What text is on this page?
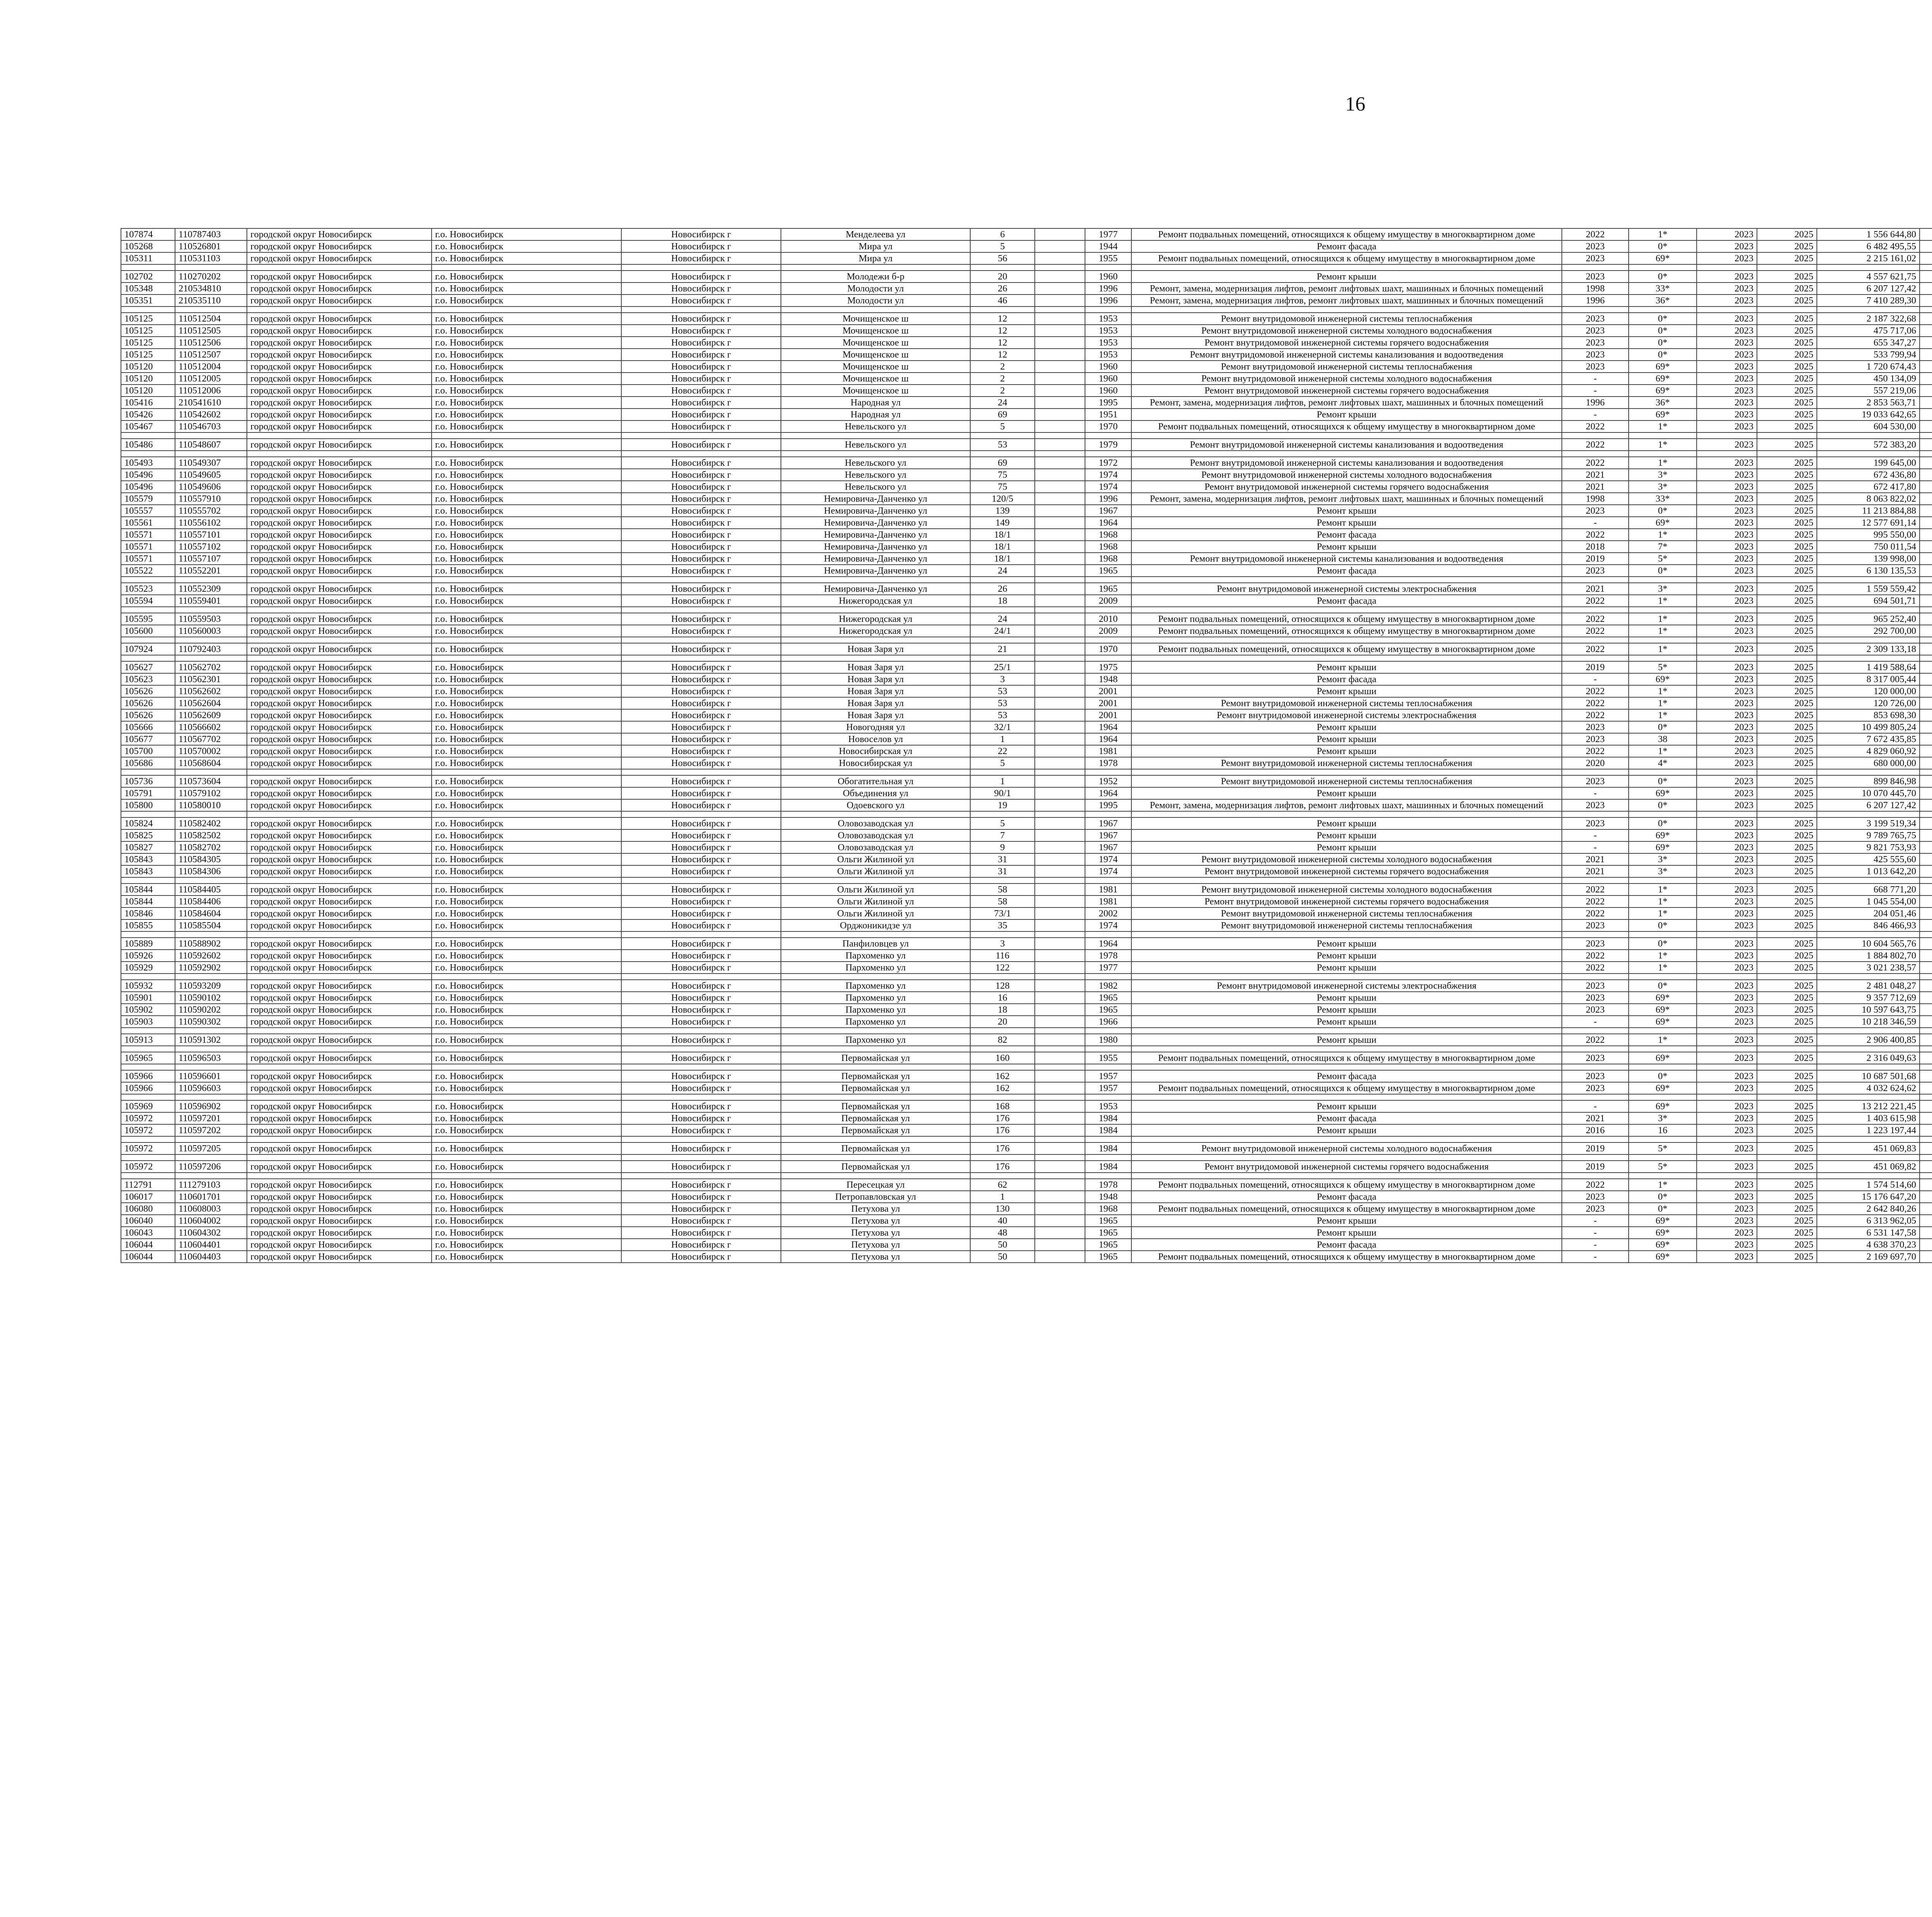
16
107874	110787403	городской округ Новосибирск	г.о. Новосибирск	Новосибирск г	Менделеева ул	6		1977	Ремонт подвальных помещений, относящихся к общему имуществу в многоквартирном доме	2022	1*	2023	2025	1 556 644,80							
105268	110526801	городской округ Новосибирск	г.о. Новосибирск	Новосибирск г	Мира ул	5		1944	Ремонт фасада	2023	0*	2023	2025	6 482 495,55							
105311	110531103	городской округ Новосибирск	г.о. Новосибирск	Новосибирск г	Мира ул	56		1955	Ремонт подвальных помещений, относящихся к общему имуществу в многоквартирном доме	2023	69*	2023	2025	2 215 161,02							

102702	110270202	городской округ Новосибирск	г.о. Новосибирск	Новосибирск г	Молодежи б-р	20		1960	Ремонт крыши	2023	0*	2023	2025	4 557 621,75							
105348	210534810	городской округ Новосибирск	г.о. Новосибирск	Новосибирск г	Молодости ул	26		1996	Ремонт, замена, модернизация лифтов, ремонт лифтовых шахт, машинных и блочных помещений	1998	33*	2023	2025	6 207 127,42							
105351	210535110	городской округ Новосибирск	г.о. Новосибирск	Новосибирск г	Молодости ул	46		1996	Ремонт, замена, модернизация лифтов, ремонт лифтовых шахт, машинных и блочных помещений	1996	36*	2023	2025	7 410 289,30							

105125	110512504	городской округ Новосибирск	г.о. Новосибирск	Новосибирск г	Мочищенское ш	12		1953	Ремонт внутридомовой инженерной системы теплоснабжения	2023	0*	2023	2025	2 187 322,68							
105125	110512505	городской округ Новосибирск	г.о. Новосибирск	Новосибирск г	Мочищенское ш	12		1953	Ремонт внутридомовой инженерной системы холодного водоснабжения	2023	0*	2023	2025	475 717,06							
105125	110512506	городской округ Новосибирск	г.о. Новосибирск	Новосибирск г	Мочищенское ш	12		1953	Ремонт внутридомовой инженерной системы горячего водоснабжения	2023	0*	2023	2025	655 347,27							
105125	110512507	городской округ Новосибирск	г.о. Новосибирск	Новосибирск г	Мочищенское ш	12		1953	Ремонт внутридомовой инженерной системы канализования и водоотведения	2023	0*	2023	2025	533 799,94							
105120	110512004	городской округ Новосибирск	г.о. Новосибирск	Новосибирск г	Мочищенское ш	2		1960	Ремонт внутридомовой инженерной системы теплоснабжения	2023	69*	2023	2025	1 720 674,43							
105120	110512005	городской округ Новосибирск	г.о. Новосибирск	Новосибирск г	Мочищенское ш	2		1960	Ремонт внутридомовой инженерной системы холодного водоснабжения	-	69*	2023	2025	450 134,09							
105120	110512006	городской округ Новосибирск	г.о. Новосибирск	Новосибирск г	Мочищенское ш	2		1960	Ремонт внутридомовой инженерной системы горячего водоснабжения	-	69*	2023	2025	557 219,06							
105416	210541610	городской округ Новосибирск	г.о. Новосибирск	Новосибирск г	Народная ул	24		1995	Ремонт, замена, модернизация лифтов, ремонт лифтовых шахт, машинных и блочных помещений	1996	36*	2023	2025	2 853 563,71							
105426	110542602	городской округ Новосибирск	г.о. Новосибирск	Новосибирск г	Народная ул	69		1951	Ремонт крыши	-	69*	2023	2025	19 033 642,65							
105467	110546703	городской округ Новосибирск	г.о. Новосибирск	Новосибирск г	Невельского ул	5		1970	Ремонт подвальных помещений, относящихся к общему имуществу в многоквартирном доме	2022	1*	2023	2025	604 530,00							

105486	110548607	городской округ Новосибирск	г.о. Новосибирск	Новосибирск г	Невельского ул	53		1979	Ремонт внутридомовой инженерной системы канализования и водоотведения	2022	1*	2023	2025	572 383,20							

105493	110549307	городской округ Новосибирск	г.о. Новосибирск	Новосибирск г	Невельского ул	69		1972	Ремонт внутридомовой инженерной системы канализования и водоотведения	2022	1*	2023	2025	199 645,00							
105496	110549605	городской округ Новосибирск	г.о. Новосибирск	Новосибирск г	Невельского ул	75		1974	Ремонт внутридомовой инженерной системы холодного водоснабжения	2021	3*	2023	2025	672 436,80							
105496	110549606	городской округ Новосибирск	г.о. Новосибирск	Новосибирск г	Невельского ул	75		1974	Ремонт внутридомовой инженерной системы горячего водоснабжения	2021	3*	2023	2025	672 417,80							
105579	110557910	городской округ Новосибирск	г.о. Новосибирск	Новосибирск г	Немировича-Данченко ул	120/5		1996	Ремонт, замена, модернизация лифтов, ремонт лифтовых шахт, машинных и блочных помещений	1998	33*	2023	2025	8 063 822,02							
105557	110555702	городской округ Новосибирск	г.о. Новосибирск	Новосибирск г	Немировича-Данченко ул	139		1967	Ремонт крыши	2023	0*	2023	2025	11 213 884,88							
105561	110556102	городской округ Новосибирск	г.о. Новосибирск	Новосибирск г	Немировича-Данченко ул	149		1964	Ремонт крыши	-	69*	2023	2025	12 577 691,14							
105571	110557101	городской округ Новосибирск	г.о. Новосибирск	Новосибирск г	Немировича-Данченко ул	18/1		1968	Ремонт фасада	2022	1*	2023	2025	995 550,00							
105571	110557102	городской округ Новосибирск	г.о. Новосибирск	Новосибирск г	Немировича-Данченко ул	18/1		1968	Ремонт крыши	2018	7*	2023	2025	750 011,54							
105571	110557107	городской округ Новосибирск	г.о. Новосибирск	Новосибирск г	Немировича-Данченко ул	18/1		1968	Ремонт внутридомовой инженерной системы канализования и водоотведения	2019	5*	2023	2025	139 998,00							
105522	110552201	городской округ Новосибирск	г.о. Новосибирск	Новосибирск г	Немировича-Данченко ул	24		1965	Ремонт фасада	2023	0*	2023	2025	6 130 135,53							

105523	110552309	городской округ Новосибирск	г.о. Новосибирск	Новосибирск г	Немировича-Данченко ул	26		1965	Ремонт внутридомовой инженерной системы электроснабжения	2021	3*	2023	2025	1 559 559,42							
105594	110559401	городской округ Новосибирск	г.о. Новосибирск	Новосибирск г	Нижегородская ул	18		2009	Ремонт фасада	2022	1*	2023	2025	694 501,71							

105595	110559503	городской округ Новосибирск	г.о. Новосибирск	Новосибирск г	Нижегородская ул	24		2010	Ремонт подвальных помещений, относящихся к общему имуществу в многоквартирном доме	2022	1*	2023	2025	965 252,40							
105600	110560003	городской округ Новосибирск	г.о. Новосибирск	Новосибирск г	Нижегородская ул	24/1		2009	Ремонт подвальных помещений, относящихся к общему имуществу в многоквартирном доме	2022	1*	2023	2025	292 700,00							

107924	110792403	городской округ Новосибирск	г.о. Новосибирск	Новосибирск г	Новая Заря ул	21		1970	Ремонт подвальных помещений, относящихся к общему имуществу в многоквартирном доме	2022	1*	2023	2025	2 309 133,18							

105627	110562702	городской округ Новосибирск	г.о. Новосибирск	Новосибирск г	Новая Заря ул	25/1		1975	Ремонт крыши	2019	5*	2023	2025	1 419 588,64							
105623	110562301	городской округ Новосибирск	г.о. Новосибирск	Новосибирск г	Новая Заря ул	3		1948	Ремонт фасада	-	69*	2023	2025	8 317 005,44							
105626	110562602	городской округ Новосибирск	г.о. Новосибирск	Новосибирск г	Новая Заря ул	53		2001	Ремонт крыши	2022	1*	2023	2025	120 000,00							
105626	110562604	городской округ Новосибирск	г.о. Новосибирск	Новосибирск г	Новая Заря ул	53		2001	Ремонт внутридомовой инженерной системы теплоснабжения	2022	1*	2023	2025	120 726,00							
105626	110562609	городской округ Новосибирск	г.о. Новосибирск	Новосибирск г	Новая Заря ул	53		2001	Ремонт внутридомовой инженерной системы электроснабжения	2022	1*	2023	2025	853 698,30							
105666	110566602	городской округ Новосибирск	г.о. Новосибирск	Новосибирск г	Новогодняя ул	32/1		1964	Ремонт крыши	2023	0*	2023	2025	10 499 805,24							
105677	110567702	городской округ Новосибирск	г.о. Новосибирск	Новосибирск г	Новоселов ул	1		1964	Ремонт крыши	2023	38	2023	2025	7 672 435,85							
105700	110570002	городской округ Новосибирск	г.о. Новосибирск	Новосибирск г	Новосибирская ул	22		1981	Ремонт крыши	2022	1*	2023	2025	4 829 060,92							
105686	110568604	городской округ Новосибирск	г.о. Новосибирск	Новосибирск г	Новосибирская ул	5		1978	Ремонт внутридомовой инженерной системы теплоснабжения	2020	4*	2023	2025	680 000,00							

105736	110573604	городской округ Новосибирск	г.о. Новосибирск	Новосибирск г	Обогатительная ул	1		1952	Ремонт внутридомовой инженерной системы теплоснабжения	2023	0*	2023	2025	899 846,98							
105791	110579102	городской округ Новосибирск	г.о. Новосибирск	Новосибирск г	Объединения ул	90/1		1964	Ремонт крыши	-	69*	2023	2025	10 070 445,70							
105800	110580010	городской округ Новосибирск	г.о. Новосибирск	Новосибирск г	Одоевского ул	19		1995	Ремонт, замена, модернизация лифтов, ремонт лифтовых шахт, машинных и блочных помещений	2023	0*	2023	2025	6 207 127,42							

105824	110582402	городской округ Новосибирск	г.о. Новосибирск	Новосибирск г	Оловозаводская ул	5		1967	Ремонт крыши	2023	0*	2023	2025	3 199 519,34							
105825	110582502	городской округ Новосибирск	г.о. Новосибирск	Новосибирск г	Оловозаводская ул	7		1967	Ремонт крыши	-	69*	2023	2025	9 789 765,75							
105827	110582702	городской округ Новосибирск	г.о. Новосибирск	Новосибирск г	Оловозаводская ул	9		1967	Ремонт крыши	-	69*	2023	2025	9 821 753,93							
105843	110584305	городской округ Новосибирск	г.о. Новосибирск	Новосибирск г	Ольги Жилиной ул	31		1974	Ремонт внутридомовой инженерной системы холодного водоснабжения	2021	3*	2023	2025	425 555,60							
105843	110584306	городской округ Новосибирск	г.о. Новосибирск	Новосибирск г	Ольги Жилиной ул	31		1974	Ремонт внутридомовой инженерной системы горячего водоснабжения	2021	3*	2023	2025	1 013 642,20							

105844	110584405	городской округ Новосибирск	г.о. Новосибирск	Новосибирск г	Ольги Жилиной ул	58		1981	Ремонт внутридомовой инженерной системы холодного водоснабжения	2022	1*	2023	2025	668 771,20							
105844	110584406	городской округ Новосибирск	г.о. Новосибирск	Новосибирск г	Ольги Жилиной ул	58		1981	Ремонт внутридомовой инженерной системы горячего водоснабжения	2022	1*	2023	2025	1 045 554,00							
105846	110584604	городской округ Новосибирск	г.о. Новосибирск	Новосибирск г	Ольги Жилиной ул	73/1		2002	Ремонт внутридомовой инженерной системы теплоснабжения	2022	1*	2023	2025	204 051,46							
105855	110585504	городской округ Новосибирск	г.о. Новосибирск	Новосибирск г	Орджоникидзе ул	35		1974	Ремонт внутридомовой инженерной системы теплоснабжения	2023	0*	2023	2025	846 466,93							

105889	110588902	городской округ Новосибирск	г.о. Новосибирск	Новосибирск г	Панфиловцев ул	3		1964	Ремонт крыши	2023	0*	2023	2025	10 604 565,76							
105926	110592602	городской округ Новосибирск	г.о. Новосибирск	Новосибирск г	Пархоменко ул	116		1978	Ремонт крыши	2022	1*	2023	2025	1 884 802,70							
105929	110592902	городской округ Новосибирск	г.о. Новосибирск	Новосибирск г	Пархоменко ул	122		1977	Ремонт крыши	2022	1*	2023	2025	3 021 238,57							

105932	110593209	городской округ Новосибирск	г.о. Новосибирск	Новосибирск г	Пархоменко ул	128		1982	Ремонт внутридомовой инженерной системы электроснабжения	2023	0*	2023	2025	2 481 048,27							
105901	110590102	городской округ Новосибирск	г.о. Новосибирск	Новосибирск г	Пархоменко ул	16		1965	Ремонт крыши	2023	69*	2023	2025	9 357 712,69							
105902	110590202	городской округ Новосибирск	г.о. Новосибирск	Новосибирск г	Пархоменко ул	18		1965	Ремонт крыши	2023	69*	2023	2025	10 597 643,75							
105903	110590302	городской округ Новосибирск	г.о. Новосибирск	Новосибирск г	Пархоменко ул	20		1966	Ремонт крыши	-	69*	2023	2025	10 218 346,59							

105913	110591302	городской округ Новосибирск	г.о. Новосибирск	Новосибирск г	Пархоменко ул	82		1980	Ремонт крыши	2022	1*	2023	2025	2 906 400,85							

105965	110596503	городской округ Новосибирск	г.о. Новосибирск	Новосибирск г	Первомайская ул	160		1955	Ремонт подвальных помещений, относящихся к общему имуществу в многоквартирном доме	2023	69*	2023	2025	2 316 049,63							

105966	110596601	городской округ Новосибирск	г.о. Новосибирск	Новосибирск г	Первомайская ул	162		1957	Ремонт фасада	2023	0*	2023	2025	10 687 501,68							
105966	110596603	городской округ Новосибирск	г.о. Новосибирск	Новосибирск г	Первомайская ул	162		1957	Ремонт подвальных помещений, относящихся к общему имуществу в многоквартирном доме	2023	69*	2023	2025	4 032 624,62							

105969	110596902	городской округ Новосибирск	г.о. Новосибирск	Новосибирск г	Первомайская ул	168		1953	Ремонт крыши	-	69*	2023	2025	13 212 221,45							
105972	110597201	городской округ Новосибирск	г.о. Новосибирск	Новосибирск г	Первомайская ул	176		1984	Ремонт фасада	2021	3*	2023	2025	1 403 615,98							
105972	110597202	городской округ Новосибирск	г.о. Новосибирск	Новосибирск г	Первомайская ул	176		1984	Ремонт крыши	2016	16	2023	2025	1 223 197,44							

105972	110597205	городской округ Новосибирск	г.о. Новосибирск	Новосибирск г	Первомайская ул	176		1984	Ремонт внутридомовой инженерной системы холодного водоснабжения	2019	5*	2023	2025	451 069,83							

105972	110597206	городской округ Новосибирск	г.о. Новосибирск	Новосибирск г	Первомайская ул	176		1984	Ремонт внутридомовой инженерной системы горячего водоснабжения	2019	5*	2023	2025	451 069,82							

112791	111279103	городской округ Новосибирск	г.о. Новосибирск	Новосибирск г	Пересецкая ул	62		1978	Ремонт подвальных помещений, относящихся к общему имуществу в многоквартирном доме	2022	1*	2023	2025	1 574 514,60							
106017	110601701	городской округ Новосибирск	г.о. Новосибирск	Новосибирск г	Петропавловская ул	1		1948	Ремонт фасада	2023	0*	2023	2025	15 176 647,20							
106080	110608003	городской округ Новосибирск	г.о. Новосибирск	Новосибирск г	Петухова ул	130		1968	Ремонт подвальных помещений, относящихся к общему имуществу в многоквартирном доме	2023	0*	2023	2025	2 642 840,26							
106040	110604002	городской округ Новосибирск	г.о. Новосибирск	Новосибирск г	Петухова ул	40		1965	Ремонт крыши	-	69*	2023	2025	6 313 962,05							
106043	110604302	городской округ Новосибирск	г.о. Новосибирск	Новосибирск г	Петухова ул	48		1965	Ремонт крыши	-	69*	2023	2025	6 531 147,58							
106044	110604401	городской округ Новосибирск	г.о. Новосибирск	Новосибирск г	Петухова ул	50		1965	Ремонт фасада	-	69*	2023	2025	4 638 370,23							
106044	110604403	городской округ Новосибирск	г.о. Новосибирск	Новосибирск г	Петухова ул	50		1965	Ремонт подвальных помещений, относящихся к общему имуществу в многоквартирном доме	-	69*	2023	2025	2 169 697,70							
